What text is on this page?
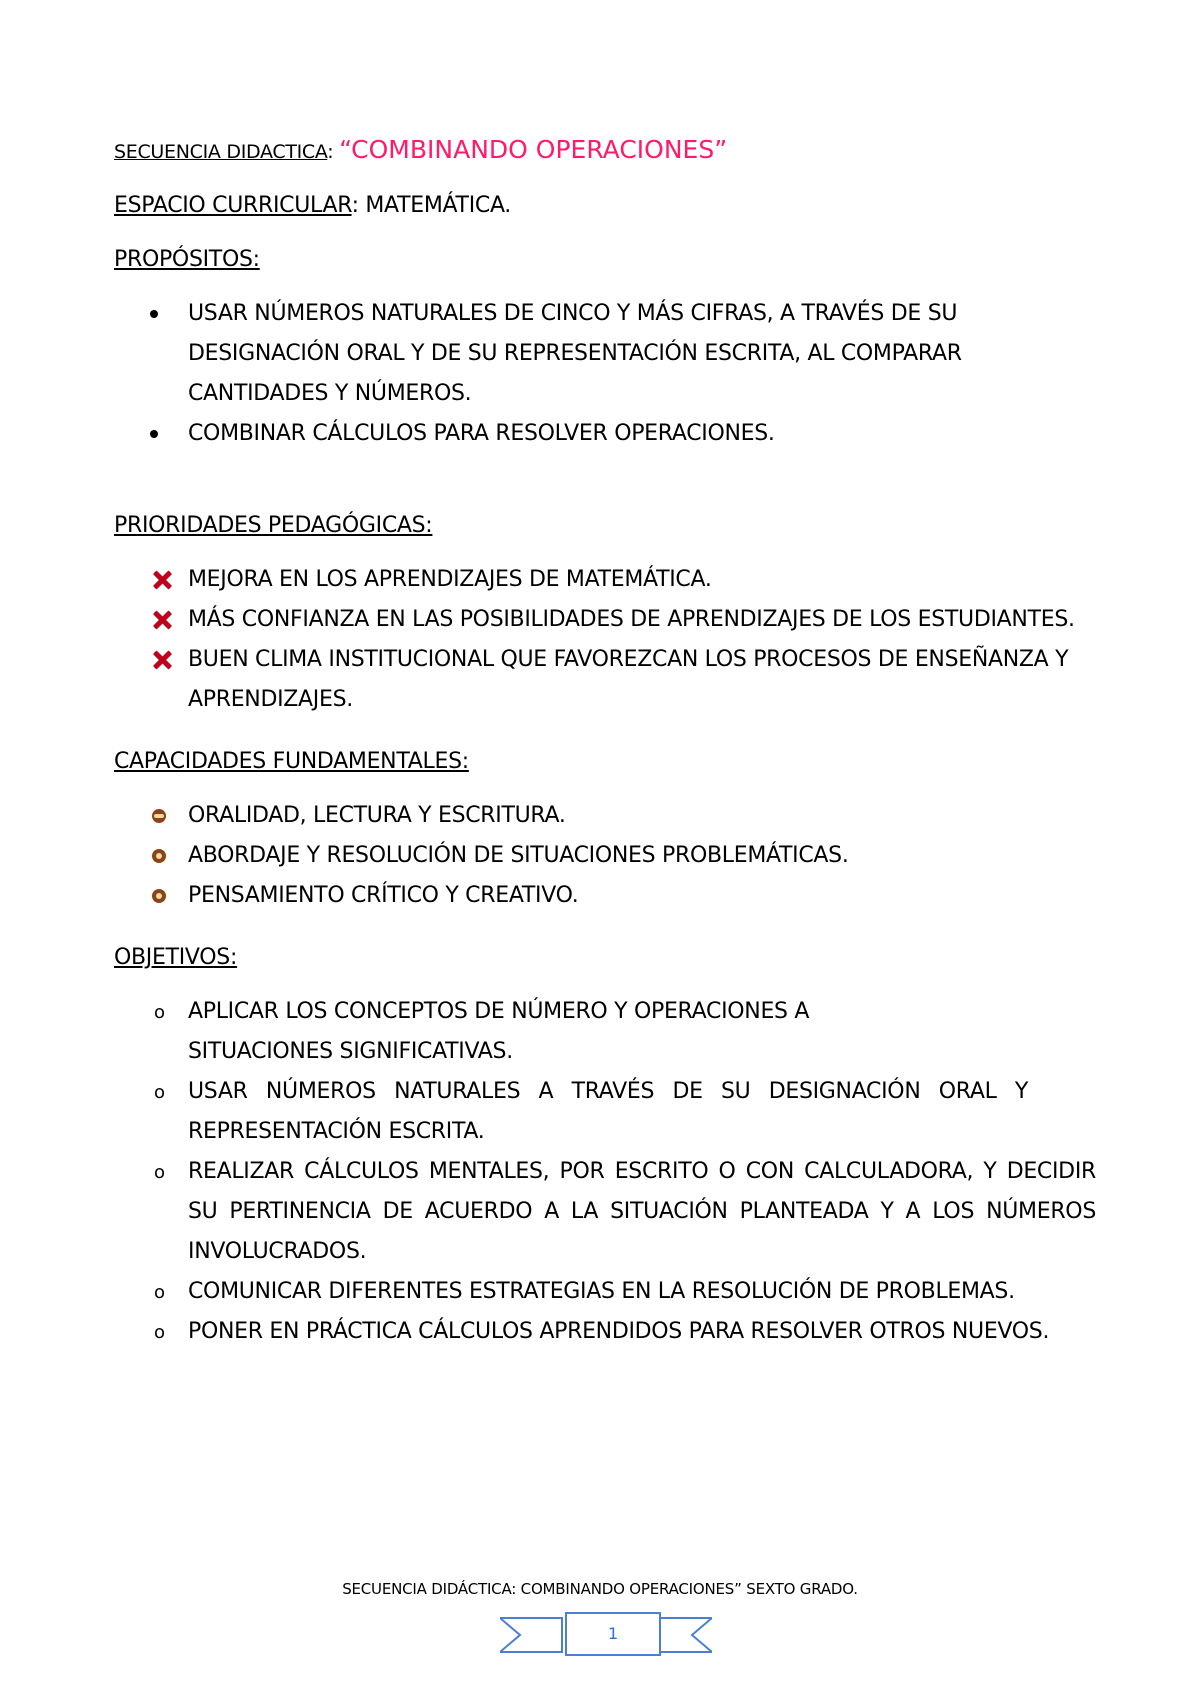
SECUENCIA DIDACTICA: “COMBINANDO OPERACIONES”

ESPACIO CURRICULAR: MATEMÁTICA.

PROPÓSITOS:

USAR NÚMEROS NATURALES DE CINCO Y MÁS CIFRAS, A TRAVÉS DE SU DESIGNACIÓN ORAL Y DE SU REPRESENTACIÓN ESCRITA, AL COMPARAR CANTIDADES Y NÚMEROS.
COMBINAR CÁLCULOS PARA RESOLVER OPERACIONES.

PRIORIDADES PEDAGÓGICAS:

MEJORA EN LOS APRENDIZAJES DE MATEMÁTICA.
MÁS CONFIANZA EN LAS POSIBILIDADES DE APRENDIZAJES DE LOS ESTUDIANTES.
BUEN CLIMA INSTITUCIONAL QUE FAVOREZCAN LOS PROCESOS DE ENSEÑANZA Y APRENDIZAJES.

CAPACIDADES FUNDAMENTALES:

ORALIDAD, LECTURA Y ESCRITURA.
ABORDAJE Y RESOLUCIÓN DE SITUACIONES PROBLEMÁTICAS.
PENSAMIENTO CRÍTICO Y CREATIVO.

OBJETIVOS:

o APLICAR LOS CONCEPTOS DE NÚMERO Y OPERACIONES A SITUACIONES SIGNIFICATIVAS.
o USAR NÚMEROS NATURALES A TRAVÉS DE SU DESIGNACIÓN ORAL Y REPRESENTACIÓN ESCRITA.
o REALIZAR CÁLCULOS MENTALES, POR ESCRITO O CON CALCULADORA, Y DECIDIR SU PERTINENCIA DE ACUERDO A LA SITUACIÓN PLANTEADA Y A LOS NÚMEROS INVOLUCRADOS.
o COMUNICAR DIFERENTES ESTRATEGIAS EN LA RESOLUCIÓN DE PROBLEMAS.
o PONER EN PRÁCTICA CÁLCULOS APRENDIDOS PARA RESOLVER OTROS NUEVOS.
SECUENCIA DIDÁCTICA: COMBINANDO OPERACIONES” SEXTO GRADO.
1
